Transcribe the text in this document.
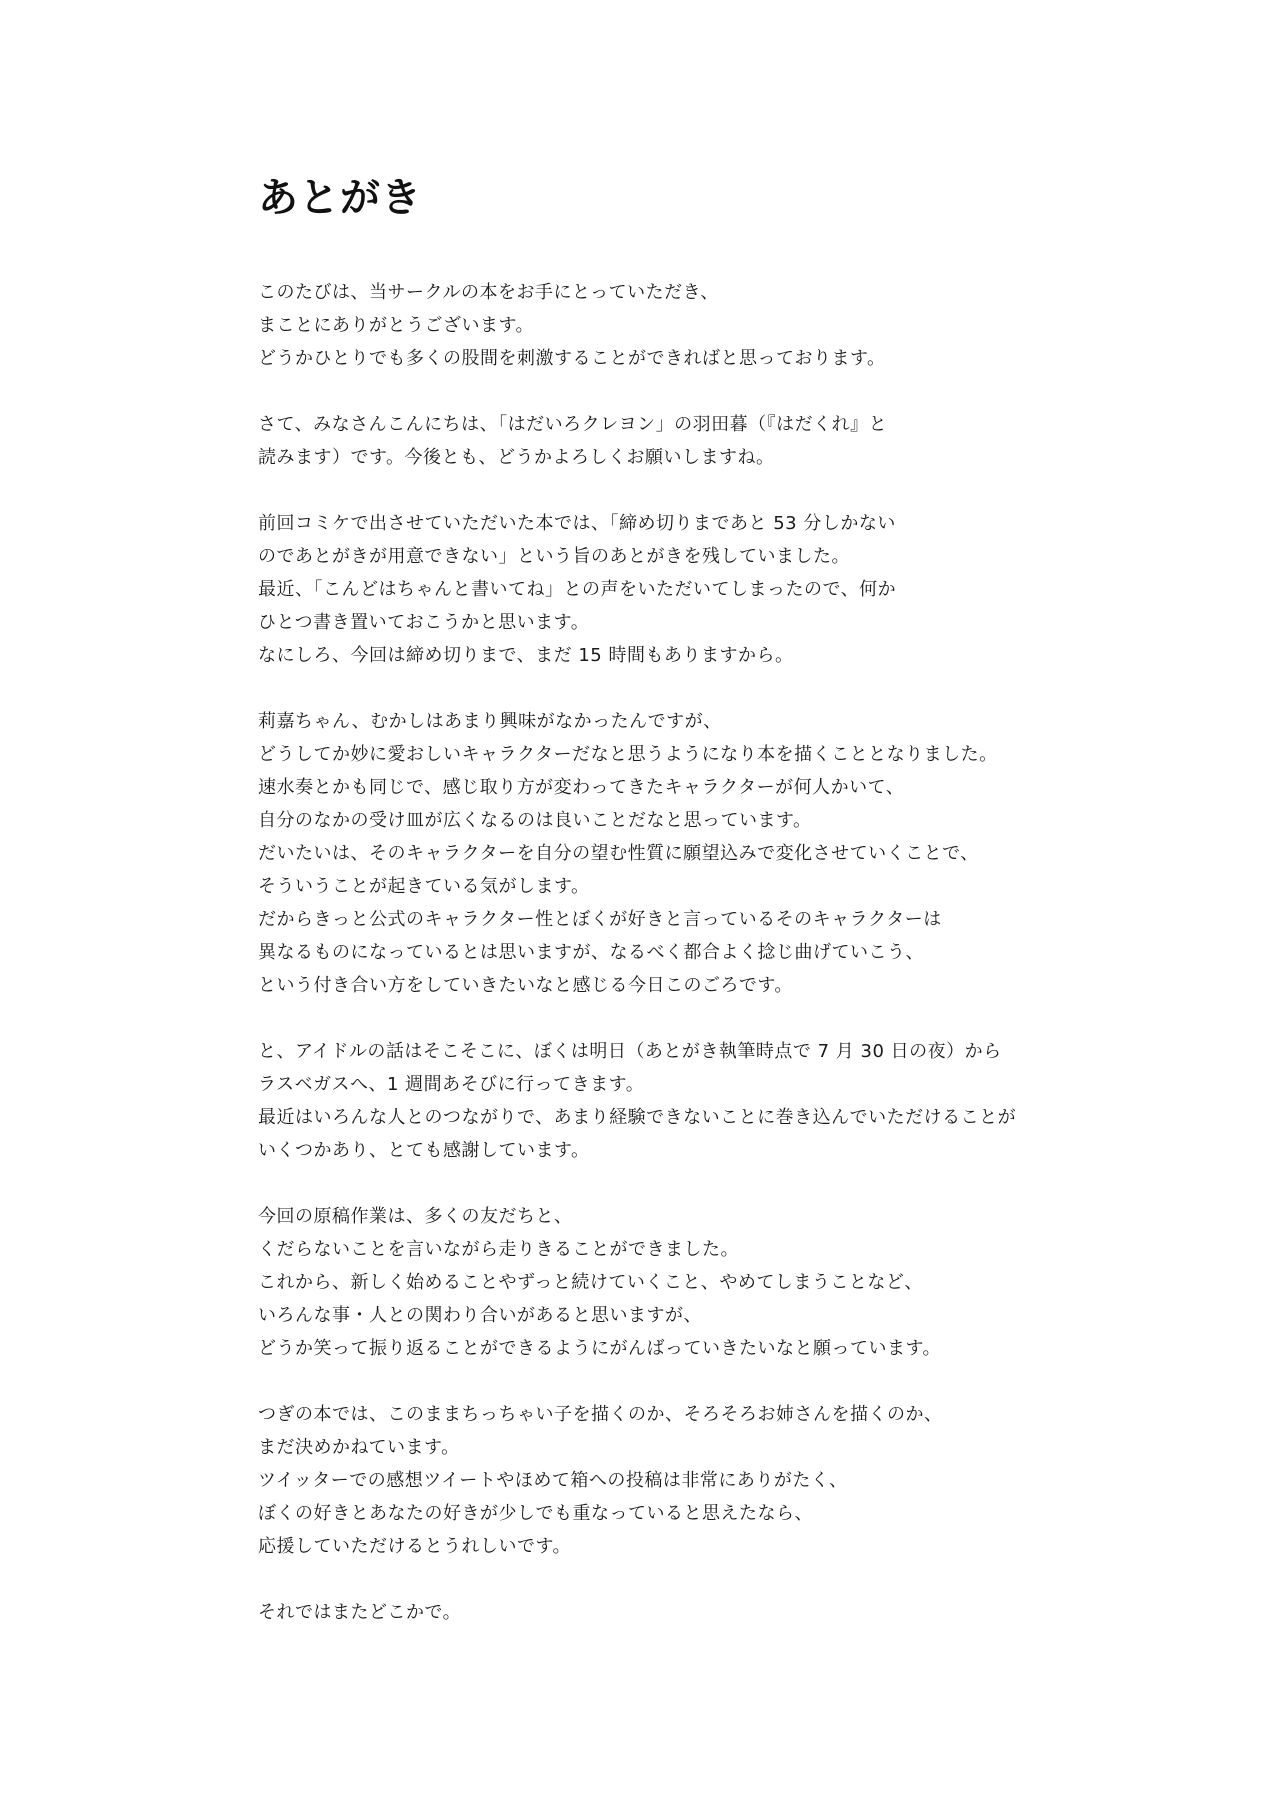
あとがき
このたびは、当サークルの本をお手にとっていただき、
まことにありがとうございます。
どうかひとりでも多くの股間を刺激することができればと思っております。
さて、みなさんこんにちは、「はだいろクレヨン」の羽田暮（『はだくれ』と
読みます）です。今後とも、どうかよろしくお願いしますね。
前回コミケで出させていただいた本では、「締め切りまであと 53 分しかない
のであとがきが用意できない」という旨のあとがきを残していました。
最近、「こんどはちゃんと書いてね」との声をいただいてしまったので、何か
ひとつ書き置いておこうかと思います。
なにしろ、今回は締め切りまで、まだ 15 時間もありますから。
莉嘉ちゃん、むかしはあまり興味がなかったんですが、
どうしてか妙に愛おしいキャラクターだなと思うようになり本を描くこととなりました。
速水奏とかも同じで、感じ取り方が変わってきたキャラクターが何人かいて、
自分のなかの受け皿が広くなるのは良いことだなと思っています。
だいたいは、そのキャラクターを自分の望む性質に願望込みで変化させていくことで、
そういうことが起きている気がします。
だからきっと公式のキャラクター性とぼくが好きと言っているそのキャラクターは
異なるものになっているとは思いますが、なるべく都合よく捻じ曲げていこう、
という付き合い方をしていきたいなと感じる今日このごろです。
と、アイドルの話はそこそこに、ぼくは明日（あとがき執筆時点で 7 月 30 日の夜）から
ラスベガスへ、1 週間あそびに行ってきます。
最近はいろんな人とのつながりで、あまり経験できないことに巻き込んでいただけることが
いくつかあり、とても感謝しています。
今回の原稿作業は、多くの友だちと、
くだらないことを言いながら走りきることができました。
これから、新しく始めることやずっと続けていくこと、やめてしまうことなど、
いろんな事・人との関わり合いがあると思いますが、
どうか笑って振り返ることができるようにがんばっていきたいなと願っています。
つぎの本では、このままちっちゃい子を描くのか、そろそろお姉さんを描くのか、
まだ決めかねています。
ツイッターでの感想ツイートやほめて箱への投稿は非常にありがたく、
ぼくの好きとあなたの好きが少しでも重なっていると思えたなら、
応援していただけるとうれしいです。
それではまたどこかで。
